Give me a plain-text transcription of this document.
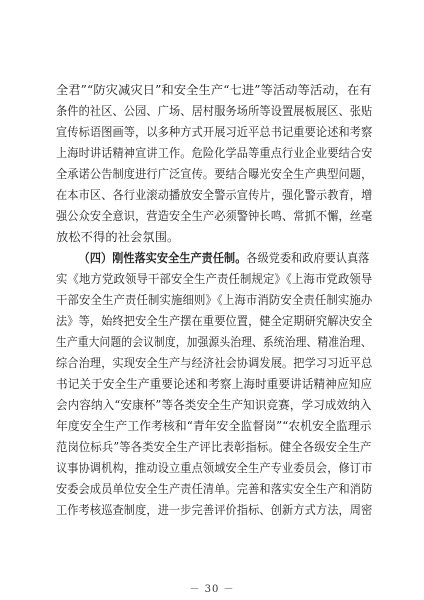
全君”“防灾减灾日”和安全生产“七进”等活动等活动，在有
条件的社区、公园、广场、居村服务场所等设置展板展区、张贴
宣传标语图画等，以多种方式开展习近平总书记重要论述和考察
上海时讲话精神宣讲工作。危险化学品等重点行业企业要结合安
全承诺公告制度进行广泛宣传。要结合曝光安全生产典型问题，
在本市区、各行业滚动播放安全警示宣传片，强化警示教育，增
强公众安全意识，营造安全生产必须警钟长鸣、常抓不懈，丝毫
放松不得的社会氛围。
（四）刚性落实安全生产责任制。各级党委和政府要认真落
实《地方党政领导干部安全生产责任制规定》《上海市党政领导
干部安全生产责任制实施细则》《上海市消防安全责任制实施办
法》等，始终把安全生产摆在重要位置，健全定期研究解决安全
生产重大问题的会议制度，加强源头治理、系统治理、精准治理、
综合治理，实现安全生产与经济社会协调发展。把学习习近平总
书记关于安全生产重要论述和考察上海时重要讲话精神应知应
会内容纳入“安康杯”等各类安全生产知识竞赛，学习成效纳入
年度安全生产工作考核和“青年安全监督岗”“农机安全监理示
范岗位标兵”等各类安全生产评比表彰指标。健全各级安全生产
议事协调机构，推动设立重点领域安全生产专业委员会，修订市
安委会成员单位安全生产责任清单。完善和落实安全生产和消防
工作考核巡查制度，进一步完善评价指标、创新方式方法，周密
－ 30 －
